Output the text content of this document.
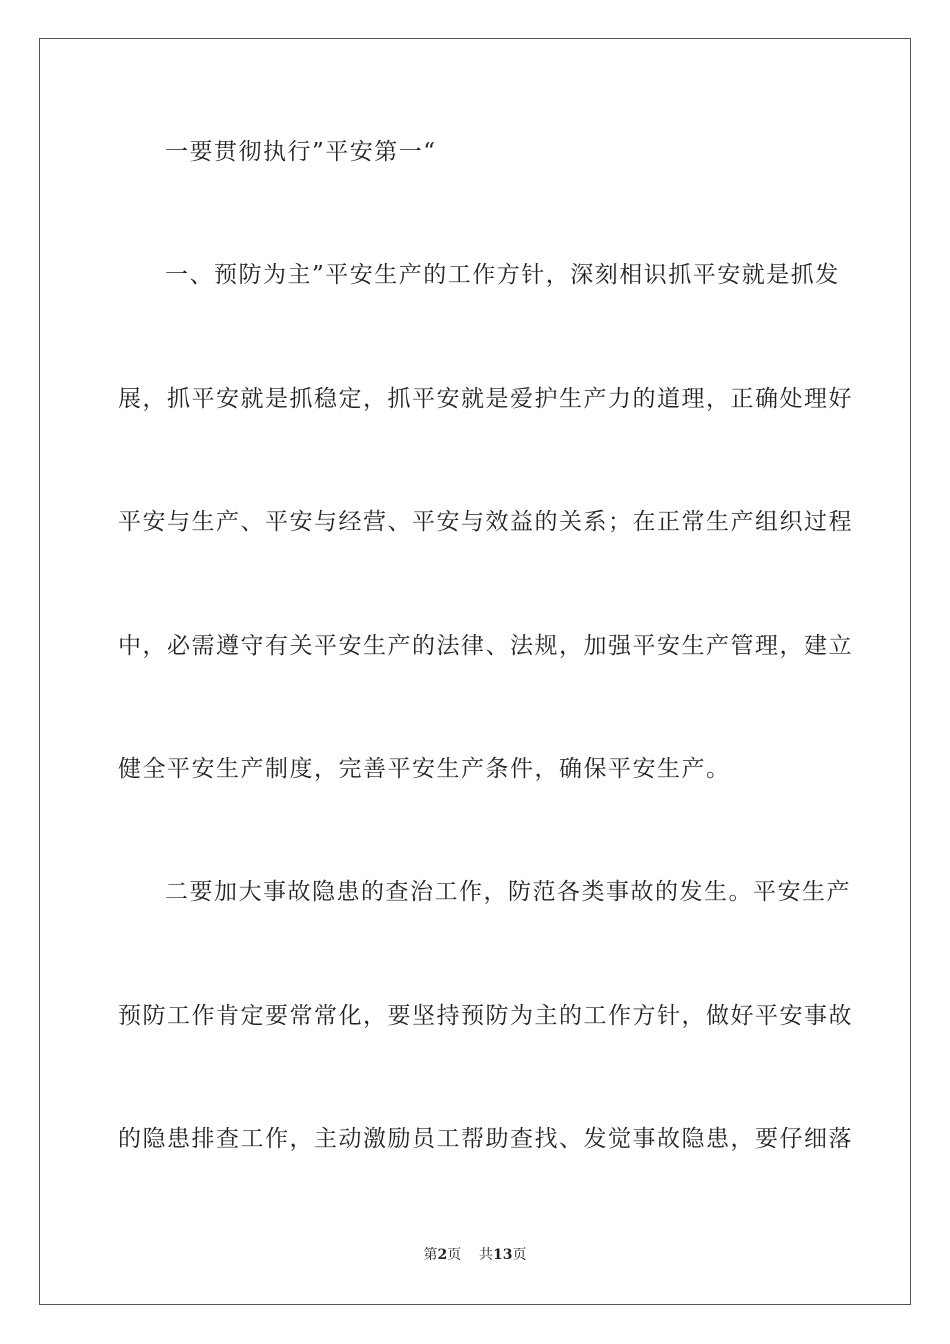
一要贯彻执行”平安第一“
一、预防为主”平安生产的工作方针，深刻相识抓平安就是抓发
展，抓平安就是抓稳定，抓平安就是爱护生产力的道理，正确处理好
平安与生产、平安与经营、平安与效益的关系；在正常生产组织过程
中，必需遵守有关平安生产的法律、法规，加强平安生产管理，建立
健全平安生产制度，完善平安生产条件，确保平安生产。
二要加大事故隐患的查治工作，防范各类事故的发生。平安生产
预防工作肯定要常常化，要坚持预防为主的工作方针，做好平安事故
的隐患排查工作，主动激励员工帮助查找、发觉事故隐患，要仔细落
第2页 共13页
